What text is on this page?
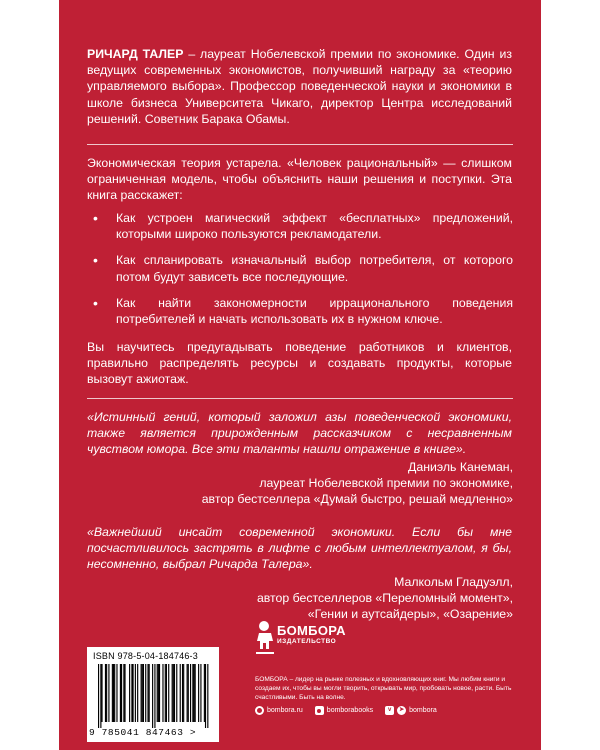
РИЧАРД ТАЛЕР – лауреат Нобелевской премии по экономике. Один из ведущих современных экономистов, получивший награду за «теорию управляемого выбора». Профессор поведенческой науки и экономики в школе бизнеса Университета Чикаго, директор Центра исследований решений. Советник Барака Обамы.

Экономическая теория устарела. «Человек рациональный» — слишком ограниченная модель, чтобы объяснить наши решения и поступки. Эта книга расскажет:

• Как устроен магический эффект «бесплатных» предложений, которыми широко пользуются рекламодатели.
• Как спланировать изначальный выбор потребителя, от которого потом будут зависеть все последующие.
• Как найти закономерности иррационального поведения потребителей и начать использовать их в нужном ключе.

Вы научитесь предугадывать поведение работников и клиентов, правильно распределять ресурсы и создавать продукты, которые вызовут ажиотаж.

«Истинный гений, который заложил азы поведенческой экономики, также является прирожденным рассказчиком с несравненным чувством юмора. Все эти таланты нашли отражение в книге».

Даниэль Канеман,
лауреат Нобелевской премии по экономике,
автор бестселлера «Думай быстро, решай медленно»

«Важнейший инсайт современной экономики. Если бы мне посчастливилось застрять в лифте с любым интеллектуалом, я бы, несомненно, выбрал Ричарда Талера».

Малкольм Гладуэлл,
автор бестселлеров «Переломный момент»,
«Гении и аутсайдеры», «Озарение»
ISBN 978-5-04-184746-3
9 785041 847463 >
БОМБОРА
ИЗДАТЕЛЬСТВО
БОМБОРА – лидер на рынке полезных и вдохновляющих книг. Мы любим книги и создаем их, чтобы вы могли творить, открывать мир, пробовать новое, расти. Быть счастливыми. Быть на волне.
bombora.ru	bomborabooks	v	➤ bombora
